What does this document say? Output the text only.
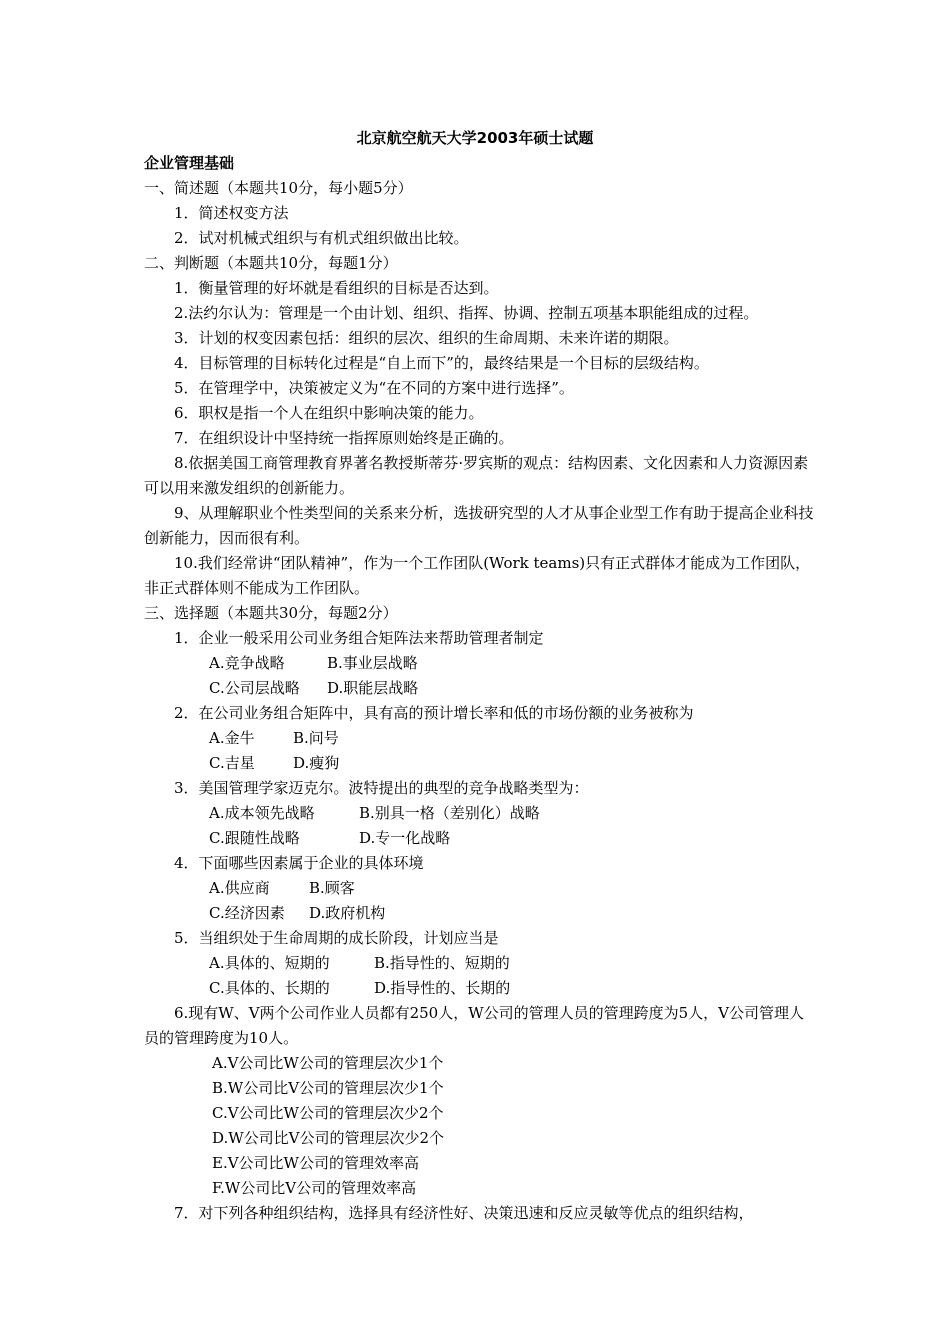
北京航空航天大学2003年硕士试题
企业管理基础
一、简述题（本题共10分，每小题5分）
1．简述权变方法
2．试对机械式组织与有机式组织做出比较。
二、判断题（本题共10分，每题1分）
1．衡量管理的好坏就是看组织的目标是否达到。
2.法约尔认为：管理是一个由计划、组织、指挥、协调、控制五项基本职能组成的过程。
3．计划的权变因素包括：组织的层次、组织的生命周期、未来许诺的期限。
4．目标管理的目标转化过程是“自上而下”的，最终结果是一个目标的层级结构。
5．在管理学中，决策被定义为“在不同的方案中进行选择”。
6．职权是指一个人在组织中影响决策的能力。
7．在组织设计中坚持统一指挥原则始终是正确的。
8.依据美国工商管理教育界著名教授斯蒂芬·罗宾斯的观点：结构因素、文化因素和人力资源因素可以用来激发组织的创新能力。
9、从理解职业个性类型间的关系来分析，选拔研究型的人才从事企业型工作有助于提高企业科技创新能力，因而很有利。
10.我们经常讲“团队精神”，作为一个工作团队(Work teams)只有正式群体才能成为工作团队，非正式群体则不能成为工作团队。
三、选择题（本题共30分，每题2分）
1．企业一般采用公司业务组合矩阵法来帮助管理者制定
A.竞争战略	B.事业层战略
C.公司层战略 D.职能层战略
2．在公司业务组合矩阵中，具有高的预计增长率和低的市场份额的业务被称为
A.金牛	B.问号
C.吉星	D.瘦狗
3．美国管理学家迈克尔。波特提出的典型的竞争战略类型为：
A.成本领先战略	B.别具一格（差别化）战略
C.跟随性战略	D.专一化战略
4．下面哪些因素属于企业的具体环境
A.供应商	B.顾客
C.经济因素 D.政府机构
5．当组织处于生命周期的成长阶段，计划应当是
A.具体的、短期的	B.指导性的、短期的
C.具体的、长期的	D.指导性的、长期的
6.现有W、V两个公司作业人员都有250人，W公司的管理人员的管理跨度为5人，V公司管理人员的管理跨度为10人。
A.V公司比W公司的管理层次少1个
B.W公司比V公司的管理层次少1个
C.V公司比W公司的管理层次少2个
D.W公司比V公司的管理层次少2个
E.V公司比W公司的管理效率高
F.W公司比V公司的管理效率高
7．对下列各种组织结构，选择具有经济性好、决策迅速和反应灵敏等优点的组织结构，
